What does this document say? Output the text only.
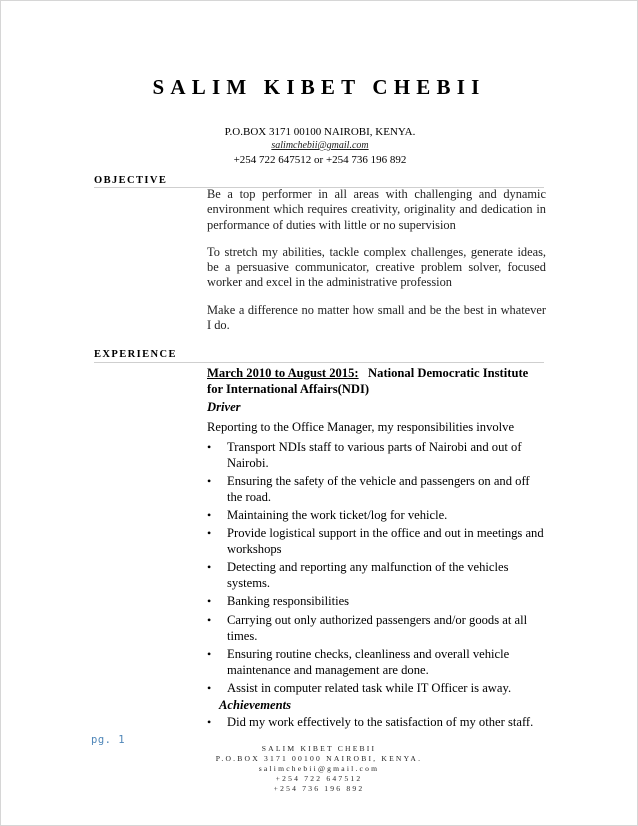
SALIM KIBET CHEBII
P.O.BOX 3171 00100 NAIROBI, KENYA.
salimchebii@gmail.com
+254 722 647512 or +254 736 196 892
OBJECTIVE

Be a top performer in all areas with challenging and dynamic environment which requires creativity, originality and dedication in performance of duties with little or no supervision

To stretch my abilities, tackle complex challenges, generate ideas, be a persuasive communicator, creative problem solver, focused worker and excel in the administrative profession

Make a difference no matter how small and be the best in whatever I do.

EXPERIENCE
March 2010 to August 2015: National Democratic Institute for International Affairs(NDI)
Driver
Reporting to the Office Manager, my responsibilities involve
• Transport NDIs staff to various parts of Nairobi and out of Nairobi.
• Ensuring the safety of the vehicle and passengers on and off the road.
• Maintaining the work ticket/log for vehicle.
• Provide logistical support in the office and out in meetings and workshops
• Detecting and reporting any malfunction of the vehicles systems.
• Banking responsibilities
• Carrying out only authorized passengers and/or goods at all times.
• Ensuring routine checks, cleanliness and overall vehicle maintenance and management are done.
• Assist in computer related task while IT Officer is away.
Achievements
• Did my work effectively to the satisfaction of my other staff.
pg. 1
SALIM KIBET CHEBII
P.O.BOX 3171 00100 NAIROBI, KENYA.
salimchebii@gmail.com
+254 722 647512
+254 736 196 892
